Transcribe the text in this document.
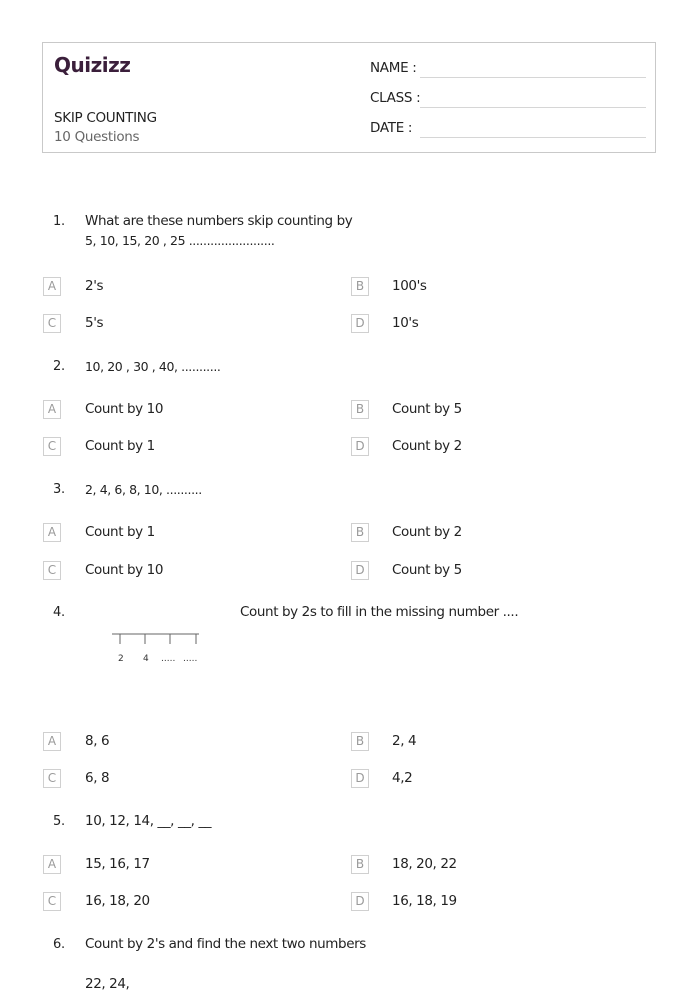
Quizizz
SKIP COUNTING
10 Questions
NAME :
CLASS :
DATE :
1. What are these numbers skip counting by
5, 10, 15, 20 , 25 ........................
A	2's	B	100's
C	5's	D	10's
2. 10, 20 , 30 , 40, ...........
A	Count by 10	B	Count by 5
C	Count by 1	D	Count by 2
3. 2, 4, 6, 8, 10, ..........
A	Count by 1	B	Count by 2
C	Count by 10	D	Count by 5
4.	Count by 2s to fill in the missing number ....
2 4 ..... .....
A	8, 6	B	2, 4
C	6, 8	D	4,2
5. 10, 12, 14, __, __, __
A	15, 16, 17	B	18, 20, 22
C	16, 18, 20	D	16, 18, 19
6. Count by 2's and find the next two numbers
22, 24,
